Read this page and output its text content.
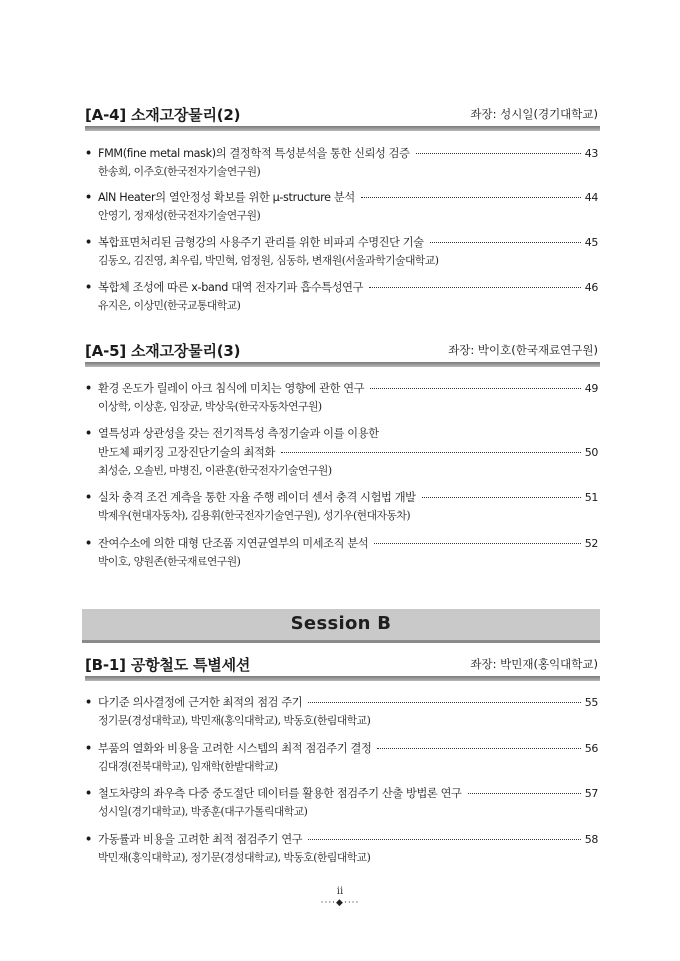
[A-4] 소재고장물리(2)	좌장: 성시일(경기대학교)
• FMM(fine metal mask)의 결정학적 특성분석을 통한 신뢰성 검증	43
한송희, 이주호(한국전자기술연구원)
• AlN Heater의 열안정성 확보를 위한 μ-structure 분석	44
안영기, 정재성(한국전자기술연구원)
• 복합표면처리된 금형강의 사용주기 관리를 위한 비파괴 수명진단 기술	45
김동오, 김진영, 최우림, 박민혁, 엄정원, 심동하, 변재원(서울과학기술대학교)
• 복합체 조성에 따른 x-band 대역 전자기파 흡수특성연구	46
유지은, 이상민(한국교통대학교)
[A-5] 소재고장물리(3)	좌장: 박이호(한국재료연구원)
• 환경 온도가 릴레이 아크 침식에 미치는 영향에 관한 연구	49
이상학, 이상훈, 임장균, 박상욱(한국자동차연구원)
• 열특성과 상관성을 갖는 전기적특성 측정기술과 이를 이용한
반도체 패키징 고장진단기술의 최적화	50
최성순, 오솔빈, 마병진, 이관훈(한국전자기술연구원)
• 실차 충격 조건 계측을 통한 자율 주행 레이더 센서 충격 시험법 개발	51
박제우(현대자동차), 김용휘(한국전자기술연구원), 성기우(현대자동차)
• 잔여수소에 의한 대형 단조품 지연균열부의 미세조직 분석	52
박이호, 양원존(한국재료연구원)
Session B
[B-1] 공항철도 특별세션	좌장: 박민재(홍익대학교)
• 다기준 의사결정에 근거한 최적의 점검 주기	55
정기문(경성대학교), 박민재(홍익대학교), 박동호(한림대학교)
• 부품의 열화와 비용을 고려한 시스템의 최적 점검주기 결정	56
김대경(전북대학교), 임재학(한밭대학교)
• 철도차량의 좌우측 다중 중도절단 데이터를 활용한 점검주기 산출 방법론 연구	57
성시일(경기대학교), 박종훈(대구가톨릭대학교)
• 가동률과 비용을 고려한 최적 점검주기 연구	58
박민재(홍익대학교), 정기문(경성대학교), 박동호(한림대학교)
ii
····◆····
